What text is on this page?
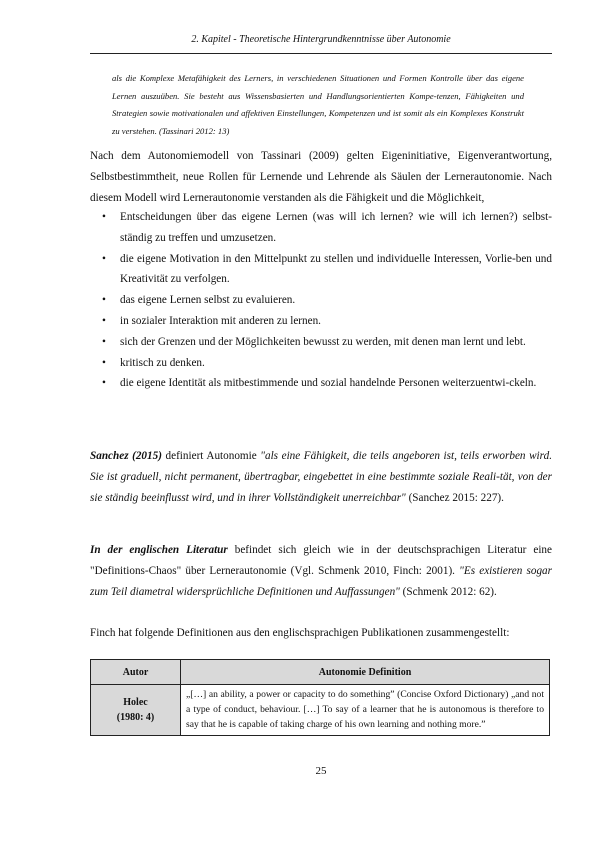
2. Kapitel - Theoretische Hintergrundkenntnisse über Autonomie
als die Komplexe Metafähigkeit des Lerners, in verschiedenen Situationen und Formen Kontrolle über das eigene Lernen auszuüben. Sie besteht aus Wissensbasierten und Handlungsorientierten Kompe-tenzen, Fähigkeiten und Strategien sowie motivationalen und affektiven Einstellungen, Kompetenzen und ist somit als ein Komplexes Konstrukt zu verstehen. (Tassinari 2012: 13)
Nach dem Autonomiemodell von Tassinari (2009) gelten Eigeninitiative, Eigenverantwortung, Selbstbestimmtheit, neue Rollen für Lernende und Lehrende als Säulen der Lernerautonomie. Nach diesem Modell wird Lernerautonomie verstanden als die Fähigkeit und die Möglichkeit,
• Entscheidungen über das eigene Lernen (was will ich lernen? wie will ich lernen?) selbst-ständig zu treffen und umzusetzen.
• die eigene Motivation in den Mittelpunkt zu stellen und individuelle Interessen, Vorlie-ben und Kreativität zu verfolgen.
• das eigene Lernen selbst zu evaluieren.
• in sozialer Interaktion mit anderen zu lernen.
• sich der Grenzen und der Möglichkeiten bewusst zu werden, mit denen man lernt und lebt.
• kritisch zu denken.
• die eigene Identität als mitbestimmende und sozial handelnde Personen weiterzuentwi-ckeln.
Sanchez (2015) definiert Autonomie "als eine Fähigkeit, die teils angeboren ist, teils erworben wird. Sie ist graduell, nicht permanent, übertragbar, eingebettet in eine bestimmte soziale Reali-tät, von der sie ständig beeinflusst wird, und in ihrer Vollständigkeit unerreichbar" (Sanchez 2015: 227).
In der englischen Literatur befindet sich gleich wie in der deutschsprachigen Literatur eine "Definitions-Chaos" über Lernerautonomie (Vgl. Schmenk 2010, Finch: 2001). "Es existieren sogar zum Teil diametral widersprüchliche Definitionen und Auffassungen" (Schmenk 2012: 62).
Finch hat folgende Definitionen aus den englischsprachigen Publikationen zusammengestellt:
Autor	Autonomie Definition
Holec
(1980: 4)	„[…] an ability, a power or capacity to do something” (Concise Oxford Dictionary) „and not a type of conduct, behaviour. […] To say of a learner that he is autonomous is therefore to say that he is capable of taking charge of his own learning and nothing more.”
25
